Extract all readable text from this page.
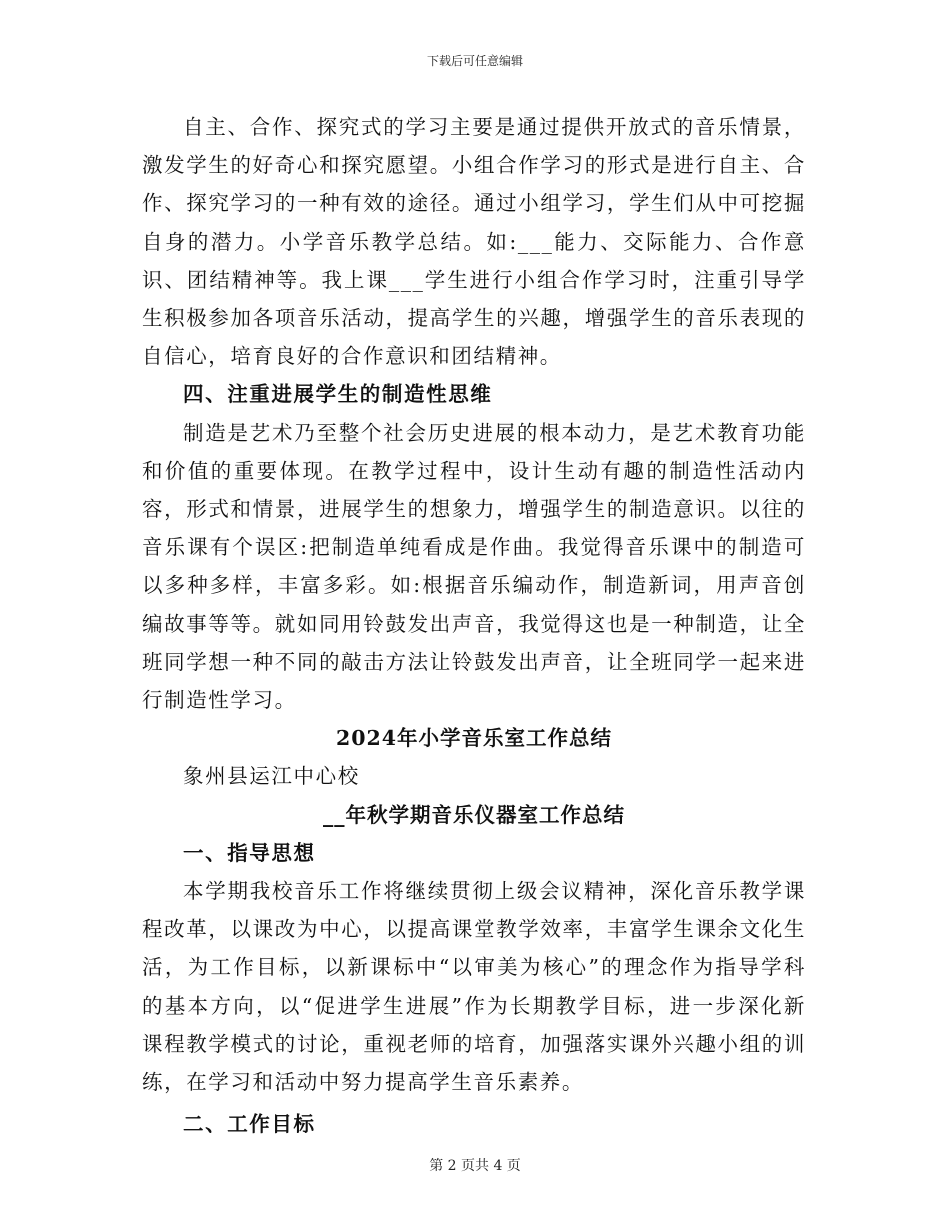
下载后可任意编辑

自主、合作、探究式的学习主要是通过提供开放式的音乐情景，激发学生的好奇心和探究愿望。小组合作学习的形式是进行自主、合作、探究学习的一种有效的途径。通过小组学习，学生们从中可挖掘自身的潜力。小学音乐教学总结。如:___能力、交际能力、合作意识、团结精神等。我上课___学生进行小组合作学习时，注重引导学生积极参加各项音乐活动，提高学生的兴趣，增强学生的音乐表现的自信心，培育良好的合作意识和团结精神。

四、注重进展学生的制造性思维

制造是艺术乃至整个社会历史进展的根本动力，是艺术教育功能和价值的重要体现。在教学过程中，设计生动有趣的制造性活动内容，形式和情景，进展学生的想象力，增强学生的制造意识。以往的音乐课有个误区:把制造单纯看成是作曲。我觉得音乐课中的制造可以多种多样，丰富多彩。如:根据音乐编动作，制造新词，用声音创编故事等等。就如同用铃鼓发出声音，我觉得这也是一种制造，让全班同学想一种不同的敲击方法让铃鼓发出声音，让全班同学一起来进行制造性学习。

2024年小学音乐室工作总结

象州县运江中心校

__年秋学期音乐仪器室工作总结

一、指导思想

本学期我校音乐工作将继续贯彻上级会议精神，深化音乐教学课程改革，以课改为中心，以提高课堂教学效率，丰富学生课余文化生活，为工作目标，以新课标中“以审美为核心”的理念作为指导学科的基本方向，以“促进学生进展”作为长期教学目标，进一步深化新课程教学模式的讨论，重视老师的培育，加强落实课外兴趣小组的训练，在学习和活动中努力提高学生音乐素养。

二、工作目标

第 2 页共 4 页
